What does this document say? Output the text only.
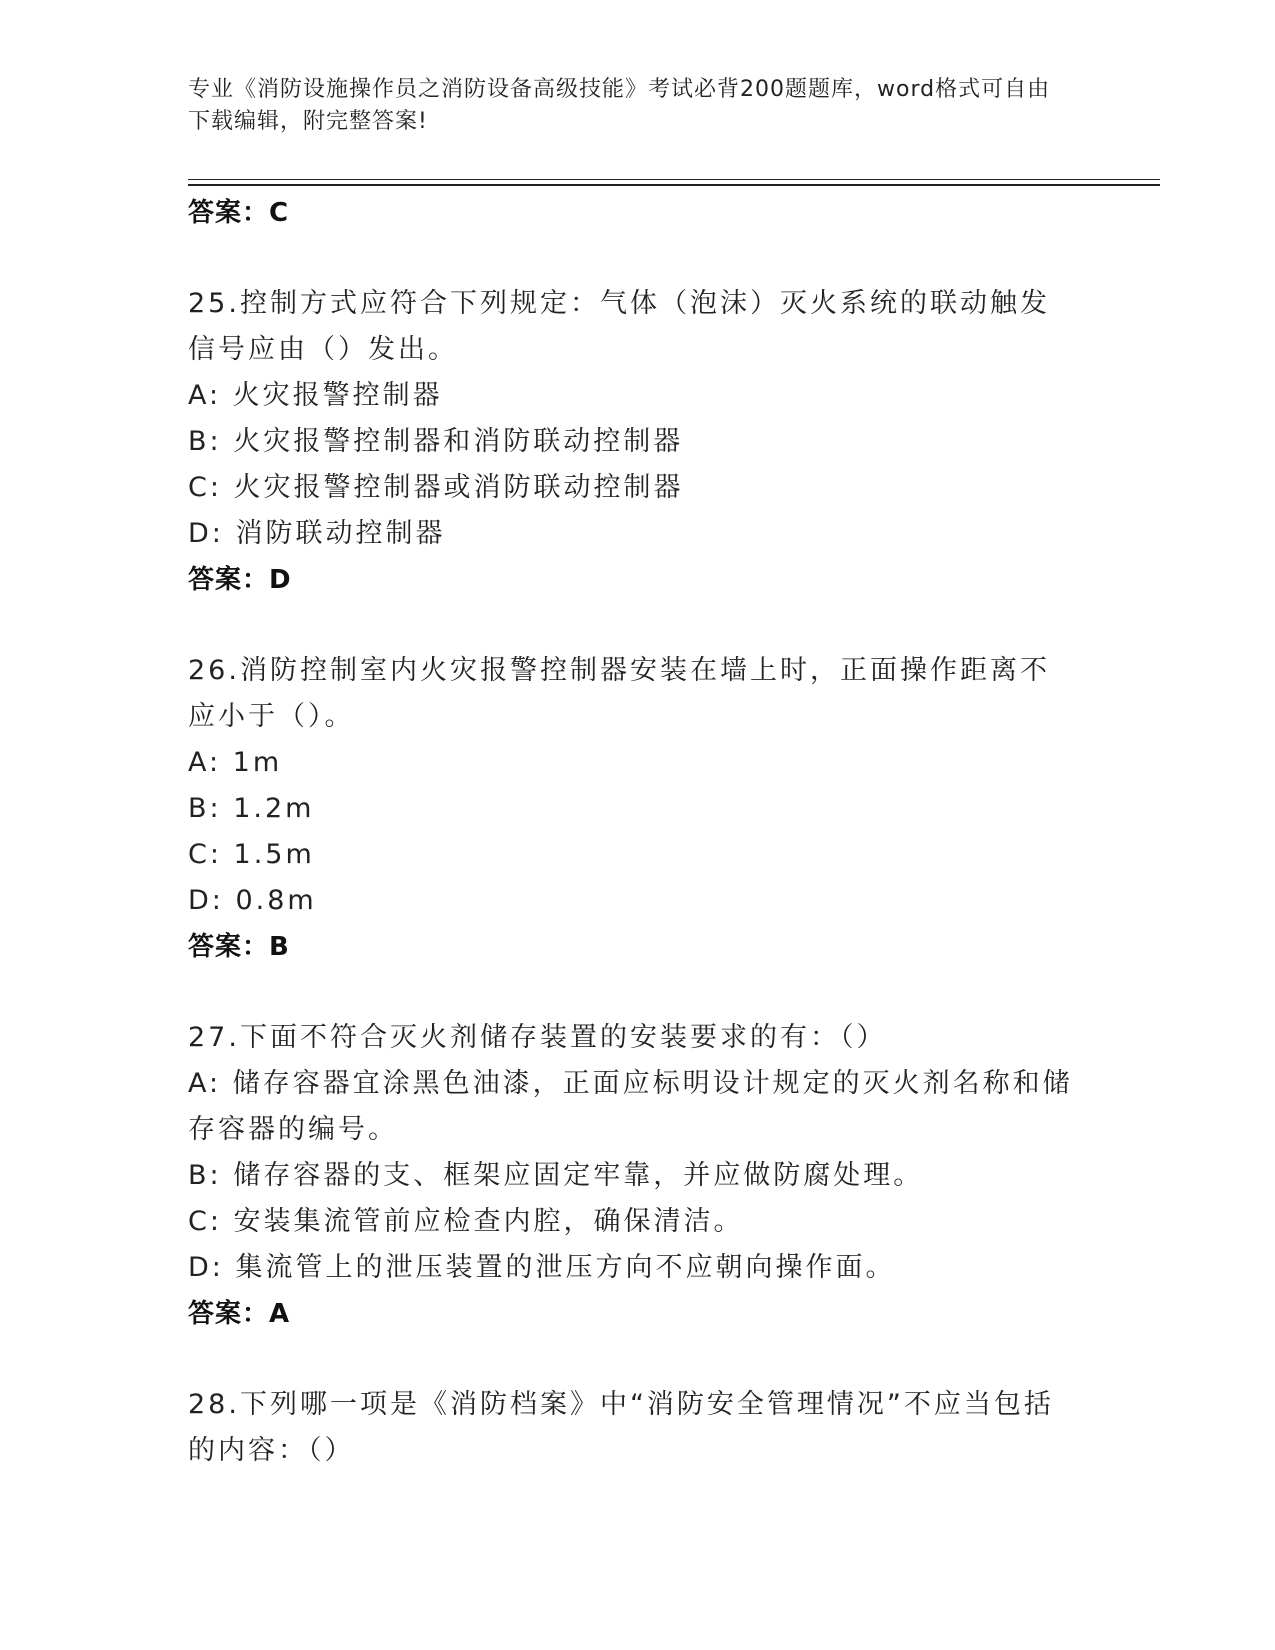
专业《消防设施操作员之消防设备高级技能》考试必背200题题库，word格式可自由下载编辑，附完整答案!
答案：C
25.控制方式应符合下列规定：气体（泡沫）灭火系统的联动触发信号应由（）发出。
A: 火灾报警控制器
B: 火灾报警控制器和消防联动控制器
C: 火灾报警控制器或消防联动控制器
D: 消防联动控制器
答案：D
26.消防控制室内火灾报警控制器安装在墙上时，正面操作距离不应小于（）。
A: 1m
B: 1.2m
C: 1.5m
D: 0.8m
答案：B
27.下面不符合灭火剂储存装置的安装要求的有：（）
A: 储存容器宜涂黑色油漆，正面应标明设计规定的灭火剂名称和储存容器的编号。
B: 储存容器的支、框架应固定牢靠，并应做防腐处理。
C: 安装集流管前应检查内腔，确保清洁。
D: 集流管上的泄压装置的泄压方向不应朝向操作面。
答案：A
28.下列哪一项是《消防档案》中“消防安全管理情况”不应当包括的内容：（）
